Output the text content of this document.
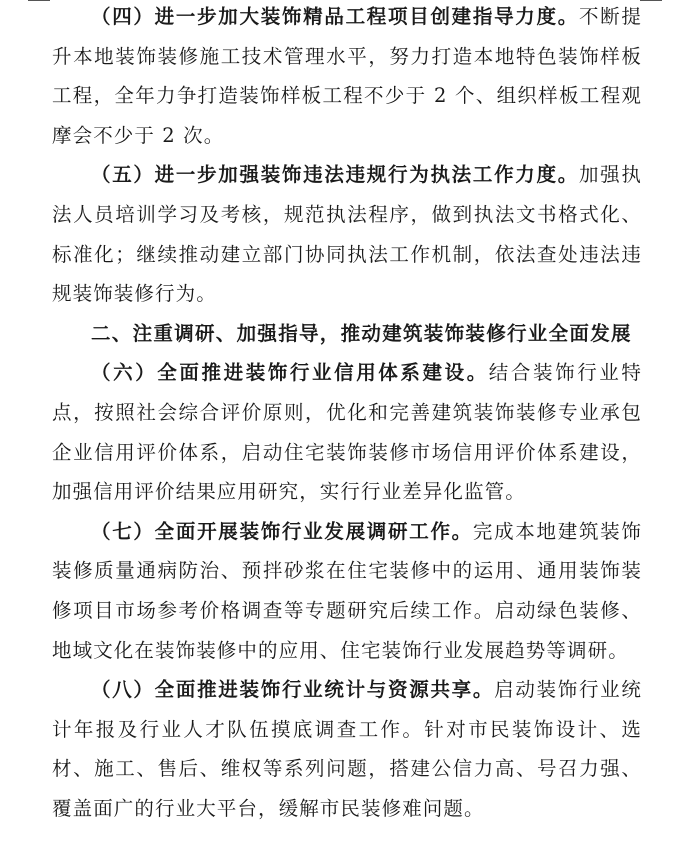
（四）进一步加大装饰精品工程项目创建指导力度。不断提升本地装饰装修施工技术管理水平，努力打造本地特色装饰样板工程，全年力争打造装饰样板工程不少于 2 个、组织样板工程观摩会不少于 2 次。

（五）进一步加强装饰违法违规行为执法工作力度。加强执法人员培训学习及考核，规范执法程序，做到执法文书格式化、标准化；继续推动建立部门协同执法工作机制，依法查处违法违规装饰装修行为。

二、注重调研、加强指导，推动建筑装饰装修行业全面发展

（六）全面推进装饰行业信用体系建设。结合装饰行业特点，按照社会综合评价原则，优化和完善建筑装饰装修专业承包企业信用评价体系，启动住宅装饰装修市场信用评价体系建设，加强信用评价结果应用研究，实行行业差异化监管。

（七）全面开展装饰行业发展调研工作。完成本地建筑装饰装修质量通病防治、预拌砂浆在住宅装修中的运用、通用装饰装修项目市场参考价格调查等专题研究后续工作。启动绿色装修、地域文化在装饰装修中的应用、住宅装饰行业发展趋势等调研。

（八）全面推进装饰行业统计与资源共享。启动装饰行业统计年报及行业人才队伍摸底调查工作。针对市民装饰设计、选材、施工、售后、维权等系列问题，搭建公信力高、号召力强、覆盖面广的行业大平台，缓解市民装修难问题。
